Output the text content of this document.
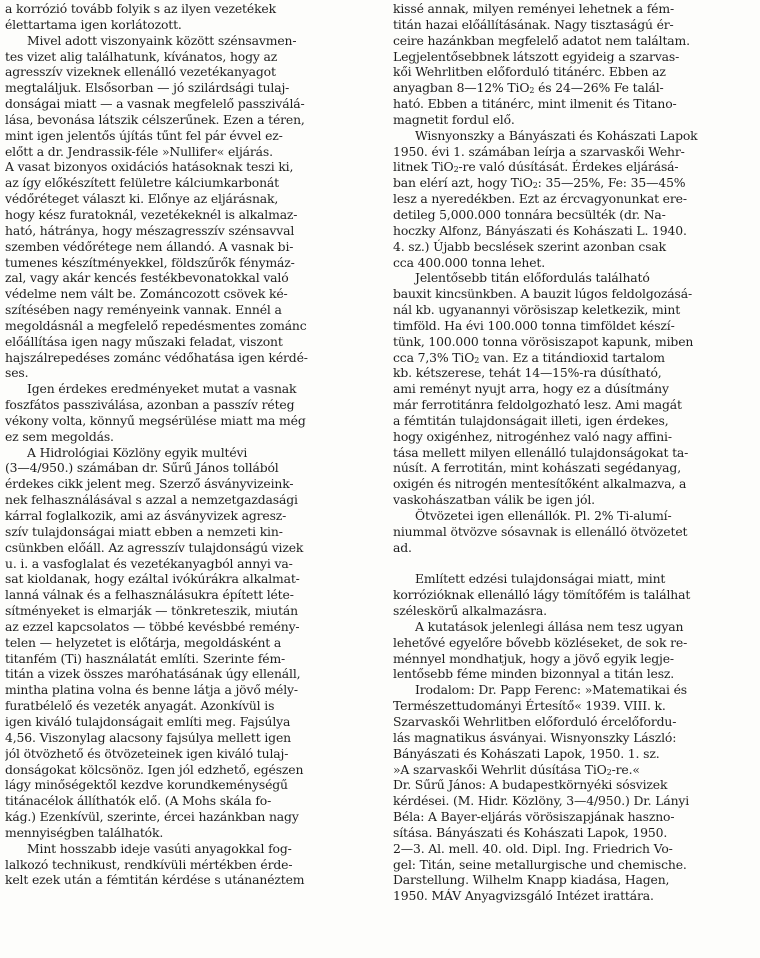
a korrózió tovább folyik s az ilyen vezetékek
élettartama igen korlátozott.
Mivel adott viszonyaink között szénsavmen-
tes vizet alig találhatunk, kívánatos, hogy az
agresszív vizeknek ellenálló vezetékanyagot
megtaláljuk. Elsősorban — jó szilárdsági tulaj-
donságai miatt — a vasnak megfelelő passziválá-
lása, bevonása látszik célszerűnek. Ezen a téren,
mint igen jelentős újítás tűnt fel pár évvel ez-
előtt a dr. Jendrassik-féle »Nullifer« eljárás.
A vasat bizonyos oxidációs hatásoknak teszi ki,
az így előkészített felületre kálciumkarbonát
védőréteget választ ki. Előnye az eljárásnak,
hogy kész furatoknál, vezetékeknél is alkalmaz-
ható, hátránya, hogy mészagresszív szénsavval
szemben védőrétege nem állandó. A vasnak bi-
tumenes készítményekkel, földszűrők fénymáz-
zal, vagy akár kencés festékbevonatokkal való
védelme nem vált be. Zománcozott csövek ké-
szítésében nagy reményeink vannak. Ennél a
megoldásnál a megfelelő repedésmentes zománc
előállítása igen nagy műszaki feladat, viszont
hajszálrepedéses zománc védőhatása igen kérdé-
ses.
Igen érdekes eredményeket mutat a vasnak
foszfátos passziválása, azonban a passzív réteg
vékony volta, könnyű megsérülése miatt ma még
ez sem megoldás.
A Hidrológiai Közlöny egyik multévi
(3—4/950.) számában dr. Sűrű János tollából
érdekes cikk jelent meg. Szerző ásványvizeink-
nek felhasználásával s azzal a nemzetgazdasági
kárral foglalkozik, ami az ásványvizek agresz-
szív tulajdonságai miatt ebben a nemzeti kin-
csünkben előáll. Az agresszív tulajdonságú vizek
u. i. a vasfoglalat és vezetékanyagból annyi va-
sat kioldanak, hogy ezáltal ivókúrákra alkalmat-
lanná válnak és a felhasználásukra épített léte-
sítményeket is elmarják — tönkreteszik, miután
az ezzel kapcsolatos — többé kevésbbé remény-
telen — helyzetet is előtárja, megoldásként a
titanfém (Ti) használatát említi. Szerinte fém-
titán a vizek összes maróhatásának úgy ellenáll,
mintha platina volna és benne látja a jövő mély-
furatbélelő és vezeték anyagát. Azonkívül is
igen kiváló tulajdonságait említi meg. Fajsúlya
4,56. Viszonylag alacsony fajsúlya mellett igen
jól ötvözhető és ötvözeteinek igen kiváló tulaj-
donságokat kölcsönöz. Igen jól edzhető, egészen
lágy minőségektől kezdve korundkeménységű
titánacélok állíthatók elő. (A Mohs skála fo-
kág.) Ezenkívül, szerinte, ércei hazánkban nagy
mennyiségben találhatók.
Mint hosszabb ideje vasúti anyagokkal fog-
lalkozó technikust, rendkívüli mértékben érde-
kelt ezek után a fémtitán kérdése s utánanéztem
kissé annak, milyen reményei lehetnek a fém-
titán hazai előállításának. Nagy tisztaságú ér-
ceire hazánkban megfelelő adatot nem találtam.
Legjelentősebbnek látszott egyideig a szarvas-
kői Wehrlitben előforduló titánérc. Ebben az
anyagban 8—12% TiO2 és 24—26% Fe talál-
ható. Ebben a titánérc, mint ilmenit és Titano-
magnetit fordul elő.
Wisnyonszky a Bányászati és Kohászati Lapok
1950. évi 1. számában leírja a szarvaskői Wehr-
litnek TiO2-re való dúsítását. Érdekes eljárásá-
ban elérí azt, hogy TiO2: 35—25%, Fe: 35—45%
lesz a nyeredékben. Ezt az ércvagyonunkat ere-
detileg 5,000.000 tonnára becsülték (dr. Na-
hoczky Alfonz, Bányászati és Kohászati L. 1940.
4. sz.) Újabb becslések szerint azonban csak
cca 400.000 tonna lehet.
Jelentősebb titán előfordulás található
bauxit kincsünkben. A bauzit lúgos feldolgozásá-
nál kb. ugyanannyi vörösiszap keletkezik, mint
timföld. Ha évi 100.000 tonna timföldet készí-
tünk, 100.000 tonna vörösiszapot kapunk, miben
cca 7,3% TiO2 van. Ez a titándioxid tartalom
kb. kétszerese, tehát 14—15%-ra dúsítható,
ami reményt nyujt arra, hogy ez a dúsítmány
már ferrotitánra feldolgozható lesz. Ami magát
a fémtitán tulajdonságait illeti, igen érdekes,
hogy oxigénhez, nitrogénhez való nagy affini-
tása mellett milyen ellenálló tulajdonságokat ta-
núsít. A ferrotitán, mint kohászati segédanyag,
oxigén és nitrogén mentesítőként alkalmazva, a
vaskohászatban válik be igen jól.
Ötvözetei igen ellenállók. Pl. 2% Ti-alumí-
niummal ötvözve sósavnak is ellenálló ötvözetet
ad.
Említett edzési tulajdonságai miatt, mint
korrózióknak ellenálló lágy tömítőfém is találhat
széleskörű alkalmazásra.
A kutatások jelenlegi állása nem tesz ugyan
lehetővé egyelőre bővebb közléseket, de sok re-
ménnyel mondhatjuk, hogy a jövő egyik legje-
lentősebb féme minden bizonnyal a titán lesz.
Irodalom: Dr. Papp Ferenc: »Matematikai és
Természettudományi Értesítő« 1939. VIII. k.
Szarvaskői Wehrlitben előforduló ércelőfordu-
lás magnatikus ásványai. Wisnyonszky László:
Bányászati és Kohászati Lapok, 1950. 1. sz.
»A szarvaskői Wehrlit dúsítása TiO2-re.«
Dr. Sűrű János: A budapestkörnyéki sósvizek
kérdései. (M. Hidr. Közlöny, 3—4/950.) Dr. Lányi
Béla: A Bayer-eljárás vörösiszapjának haszno-
sítása. Bányászati és Kohászati Lapok, 1950.
2—3. Al. mell. 40. old. Dipl. Ing. Friedrich Vo-
gel: Titán, seine metallurgische und chemische.
Darstellung. Wilhelm Knapp kiadása, Hagen,
1950. MÁV Anyagvizsgáló Intézet irattára.
